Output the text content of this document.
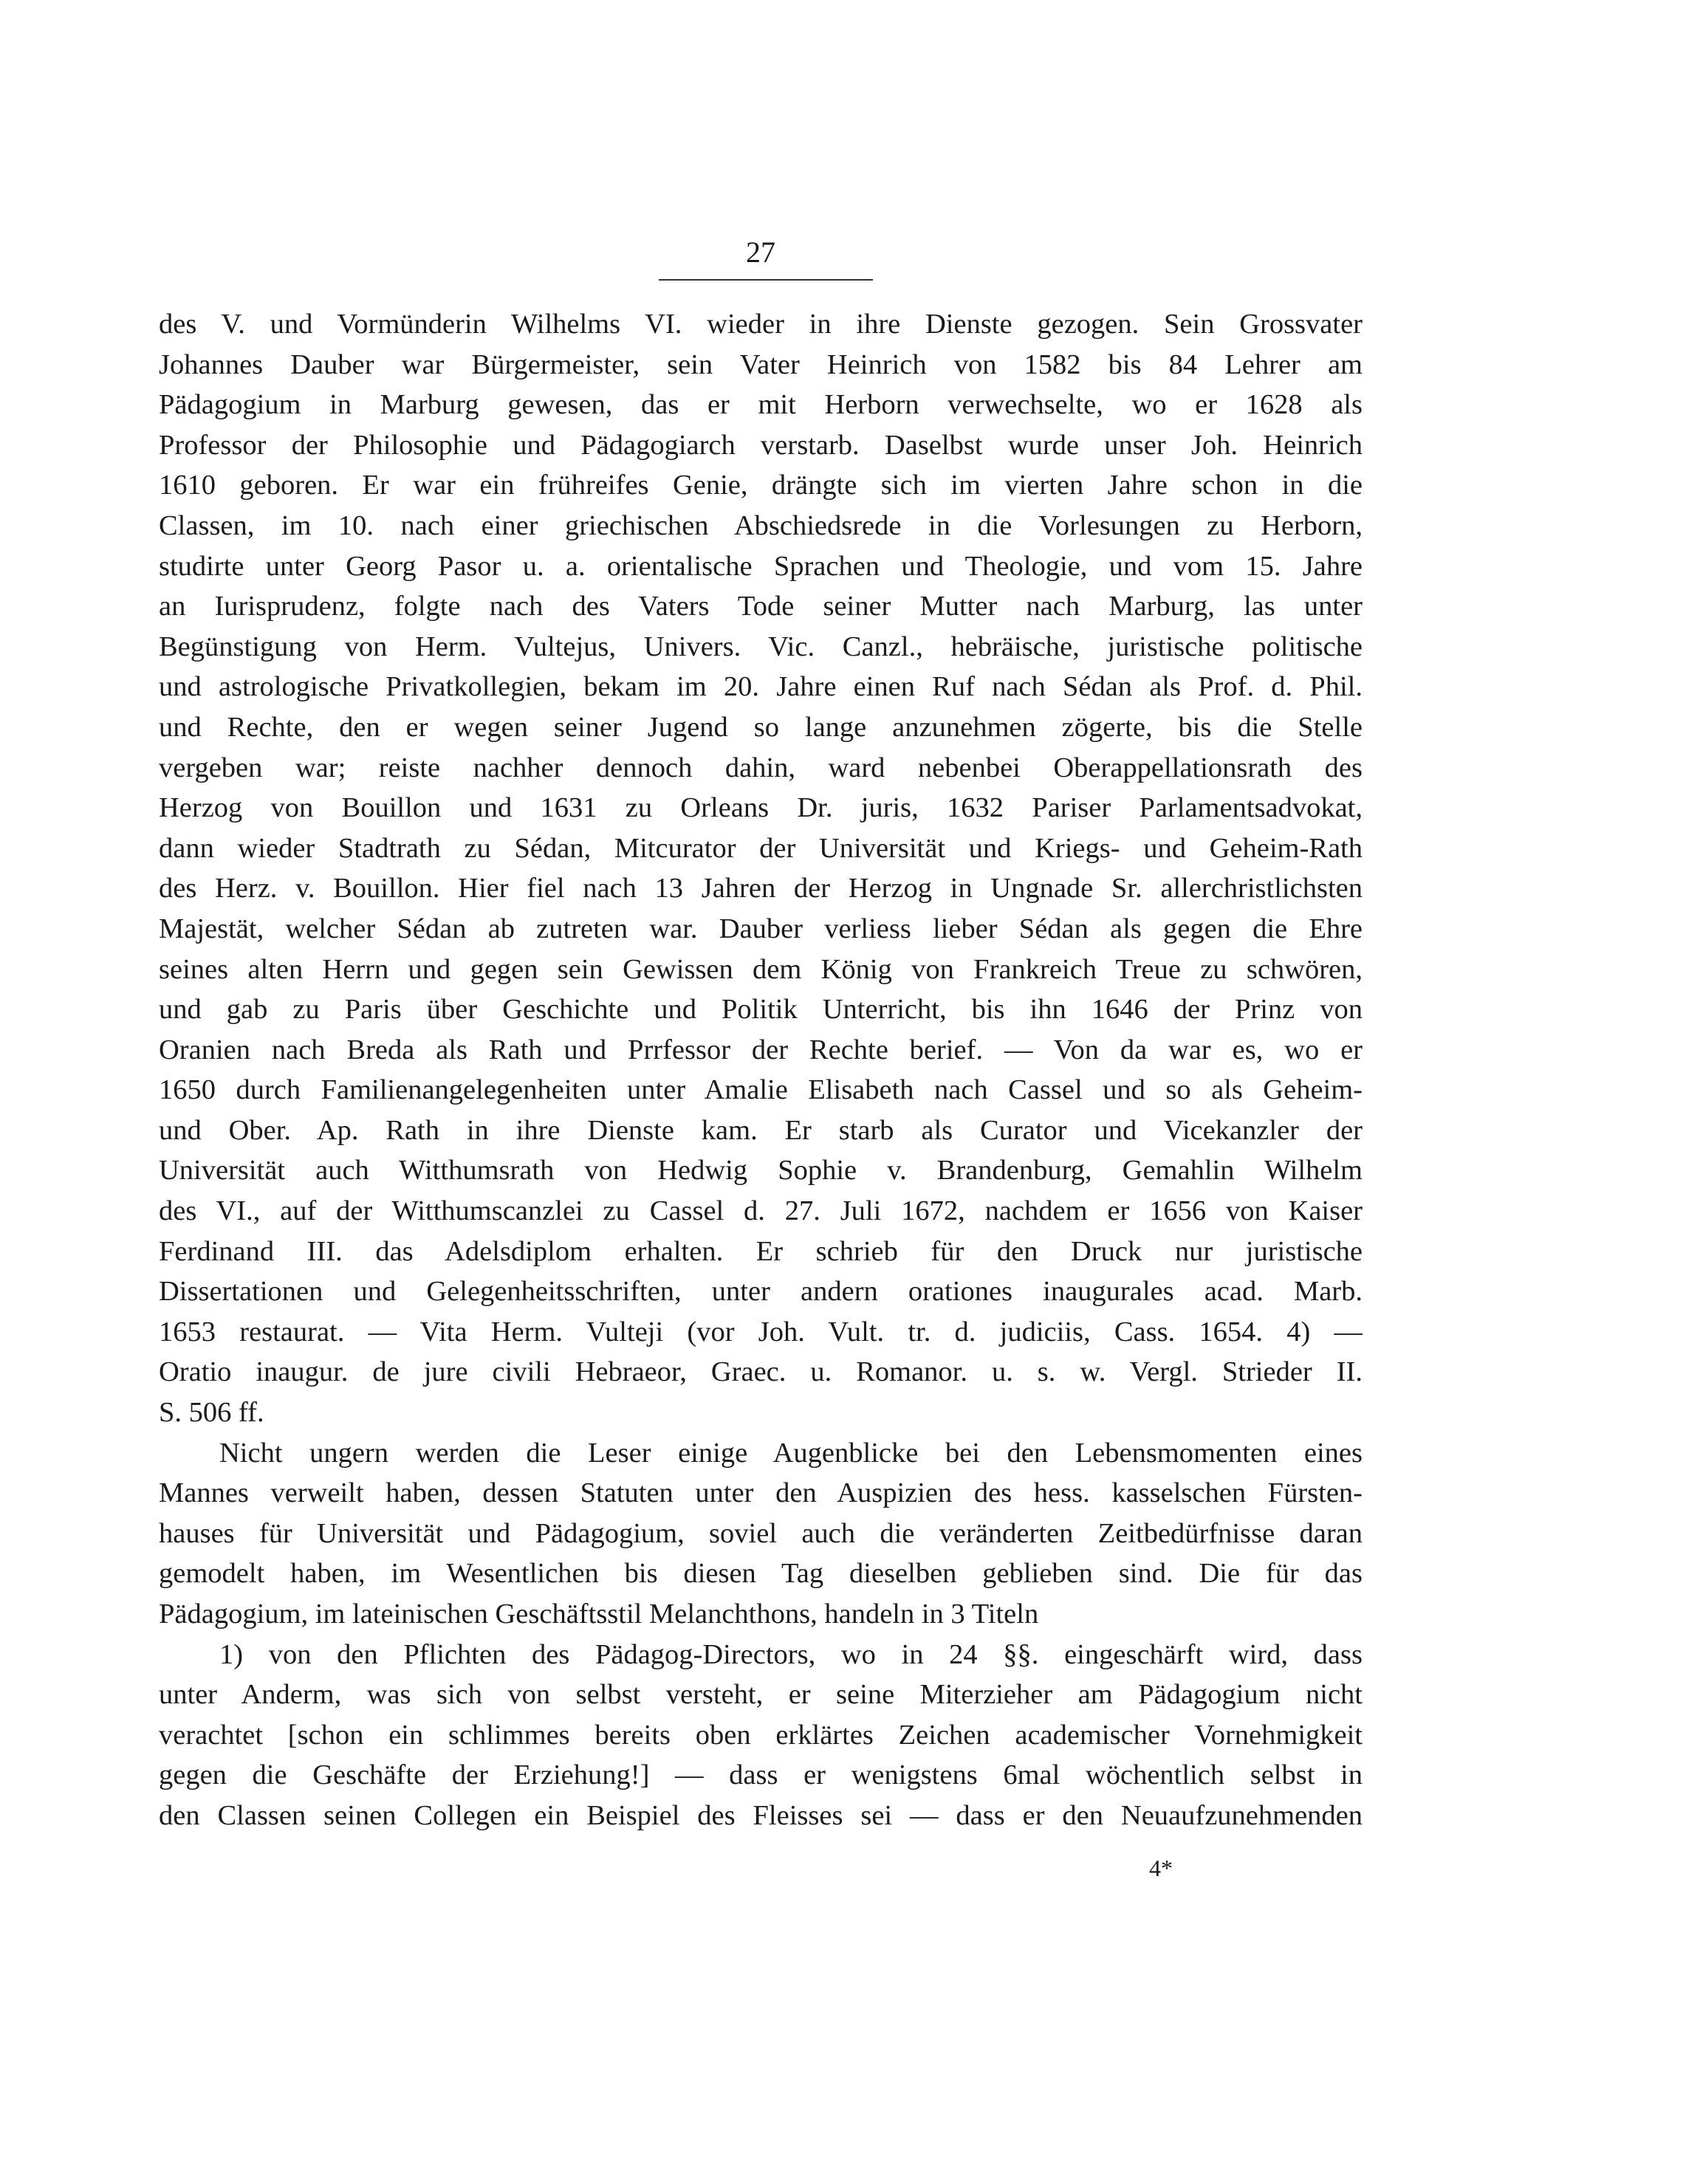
27
des V. und Vormünderin Wilhelms VI. wieder in ihre Dienste gezogen. Sein Grossvater
Johannes Dauber war Bürgermeister, sein Vater Heinrich von 1582 bis 84 Lehrer am
Pädagogium in Marburg gewesen, das er mit Herborn verwechselte, wo er 1628 als
Professor der Philosophie und Pädagogiarch verstarb. Daselbst wurde unser Joh. Heinrich
1610 geboren. Er war ein frühreifes Genie, drängte sich im vierten Jahre schon in die
Classen, im 10. nach einer griechischen Abschiedsrede in die Vorlesungen zu Herborn,
studirte unter Georg Pasor u. a. orientalische Sprachen und Theologie, und vom 15. Jahre
an Iurisprudenz, folgte nach des Vaters Tode seiner Mutter nach Marburg, las unter
Begünstigung von Herm. Vultejus, Univers. Vic. Canzl., hebräische, juristische politische
und astrologische Privatkollegien, bekam im 20. Jahre einen Ruf nach Sédan als Prof. d. Phil.
und Rechte, den er wegen seiner Jugend so lange anzunehmen zögerte, bis die Stelle
vergeben war; reiste nachher dennoch dahin, ward nebenbei Oberappellationsrath des
Herzog von Bouillon und 1631 zu Orleans Dr. juris, 1632 Pariser Parlamentsadvokat,
dann wieder Stadtrath zu Sédan, Mitcurator der Universität und Kriegs- und Geheim-Rath
des Herz. v. Bouillon. Hier fiel nach 13 Jahren der Herzog in Ungnade Sr. allerchristlichsten
Majestät, welcher Sédan ab zutreten war. Dauber verliess lieber Sédan als gegen die Ehre
seines alten Herrn und gegen sein Gewissen dem König von Frankreich Treue zu schwören,
und gab zu Paris über Geschichte und Politik Unterricht, bis ihn 1646 der Prinz von
Oranien nach Breda als Rath und Prrfessor der Rechte berief. — Von da war es, wo er
1650 durch Familienangelegenheiten unter Amalie Elisabeth nach Cassel und so als Geheim-
und Ober. Ap. Rath in ihre Dienste kam. Er starb als Curator und Vicekanzler der
Universität auch Witthumsrath von Hedwig Sophie v. Brandenburg, Gemahlin Wilhelm
des VI., auf der Witthumscanzlei zu Cassel d. 27. Juli 1672, nachdem er 1656 von Kaiser
Ferdinand III. das Adelsdiplom erhalten. Er schrieb für den Druck nur juristische
Dissertationen und Gelegenheitsschriften, unter andern orationes inaugurales acad. Marb.
1653 restaurat. — Vita Herm. Vulteji (vor Joh. Vult. tr. d. judiciis, Cass. 1654. 4) —
Oratio inaugur. de jure civili Hebraeor, Graec. u. Romanor. u. s. w. Vergl. Strieder II.
S. 506 ff.
Nicht ungern werden die Leser einige Augenblicke bei den Lebensmomenten eines
Mannes verweilt haben, dessen Statuten unter den Auspizien des hess. kasselschen Fürsten-
hauses für Universität und Pädagogium, soviel auch die veränderten Zeitbedürfnisse daran
gemodelt haben, im Wesentlichen bis diesen Tag dieselben geblieben sind. Die für das
Pädagogium, im lateinischen Geschäftsstil Melanchthons, handeln in 3 Titeln
1) von den Pflichten des Pädagog-Directors, wo in 24 §§. eingeschärft wird, dass
unter Anderm, was sich von selbst versteht, er seine Miterzieher am Pädagogium nicht
verachtet [schon ein schlimmes bereits oben erklärtes Zeichen academischer Vornehmigkeit
gegen die Geschäfte der Erziehung!] — dass er wenigstens 6mal wöchentlich selbst in
den Classen seinen Collegen ein Beispiel des Fleisses sei — dass er den Neuaufzunehmenden
4*
